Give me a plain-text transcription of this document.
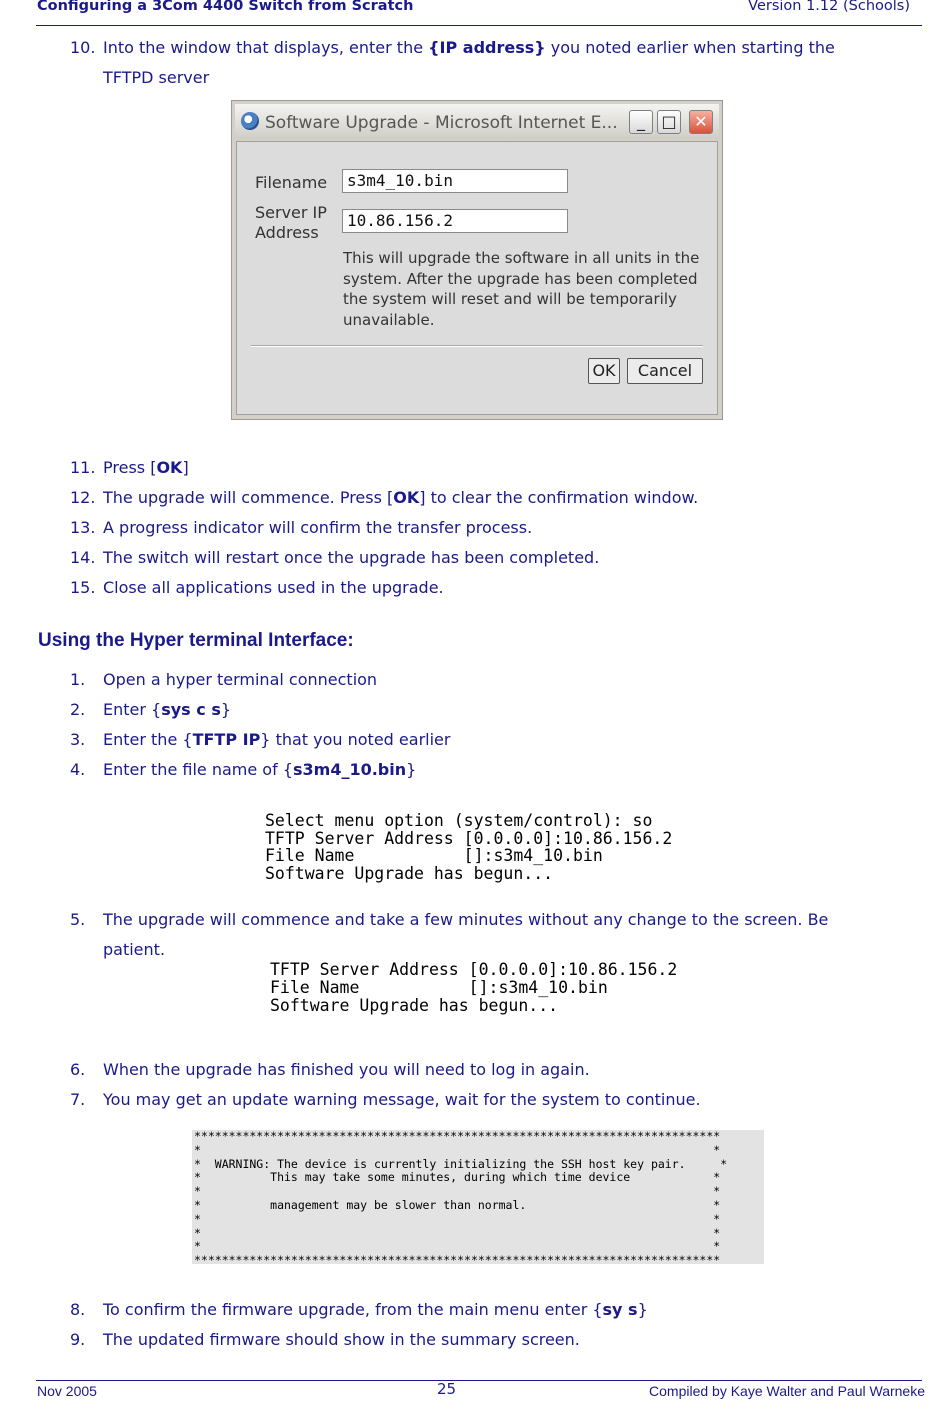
Configuring a 3Com 4400 Switch from Scratch	Version 1.12 (Schools)
10. Into the window that displays, enter the {IP address} you noted earlier when starting the
TFTPD server
Software Upgrade - Microsoft Internet E...	_	□	✕
Filename	s3m4_10.bin
Server IP
Address
10.86.156.2
This will upgrade the software in all units in the system. After the upgrade has been completed the system will reset and will be temporarily unavailable.
OK	Cancel
11. Press [OK]
12. The upgrade will commence. Press [OK] to clear the confirmation window.
13. A progress indicator will confirm the transfer process.
14. The switch will restart once the upgrade has been completed.
15. Close all applications used in the upgrade.
Using the Hyper terminal Interface:
1. Open a hyper terminal connection
2. Enter {sys c s}
3. Enter the {TFTP IP} that you noted earlier
4. Enter the file name of {s3m4_10.bin}
Select menu option (system/control): so
TFTP Server Address [0.0.0.0]:10.86.156.2
File Name           []:s3m4_10.bin
Software Upgrade has begun...
5. The upgrade will commence and take a few minutes without any change to the screen. Be
patient.
TFTP Server Address [0.0.0.0]:10.86.156.2
File Name           []:s3m4_10.bin
Software Upgrade has begun...
6. When the upgrade has finished you will need to log in again.
7. You may get an update warning message, wait for the system to continue.
****************************************************************************
*                                                                          *
*  WARNING: The device is currently initializing the SSH host key pair.     *
*          This may take some minutes, during which time device            *
*                                                                          *
*          management may be slower than normal.                           *
*                                                                          *
*                                                                          *
*                                                                          *
****************************************************************************
8. To confirm the firmware upgrade, from the main menu enter {sy s}
9. The updated firmware should show in the summary screen.
Nov 2005	25	Compiled by Kaye Walter and Paul Warneke
